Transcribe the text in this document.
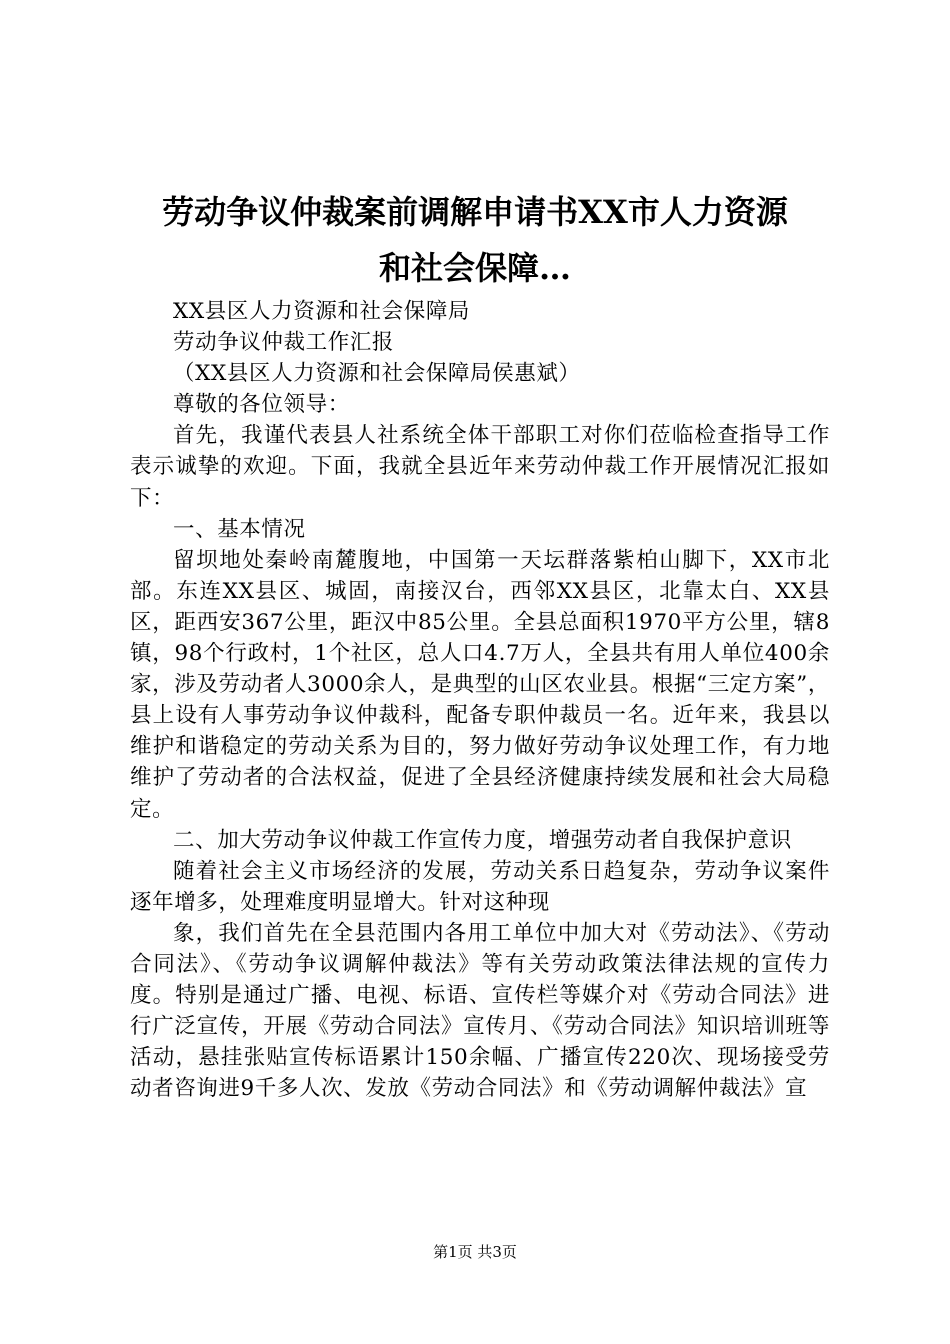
劳动争议仲裁案前调解申请书XX市人力资源
和社会保障…

XX县区人力资源和社会保障局

劳动争议仲裁工作汇报

（XX县区人力资源和社会保障局侯惠斌）

尊敬的各位领导：

首先，我谨代表县人社系统全体干部职工对你们莅临检查指导工作表示诚挚的欢迎。下面，我就全县近年来劳动仲裁工作开展情况汇报如下：

一、基本情况

留坝地处秦岭南麓腹地，中国第一天坛群落紫柏山脚下，XX市北部。东连XX县区、城固，南接汉台，西邻XX县区，北靠太白、XX县区，距西安367公里，距汉中85公里。全县总面积1970平方公里，辖8镇，98个行政村，1个社区，总人口4.7万人，全县共有用人单位400余家，涉及劳动者人3000余人，是典型的山区农业县。根据“三定方案”，县上设有人事劳动争议仲裁科，配备专职仲裁员一名。近年来，我县以维护和谐稳定的劳动关系为目的，努力做好劳动争议处理工作，有力地维护了劳动者的合法权益，促进了全县经济健康持续发展和社会大局稳定。

二、加大劳动争议仲裁工作宣传力度，增强劳动者自我保护意识

随着社会主义市场经济的发展，劳动关系日趋复杂，劳动争议案件逐年增多，处理难度明显增大。针对这种现

象，我们首先在全县范围内各用工单位中加大对《劳动法》、《劳动合同法》、《劳动争议调解仲裁法》等有关劳动政策法律法规的宣传力度。特别是通过广播、电视、标语、宣传栏等媒介对《劳动合同法》进行广泛宣传，开展《劳动合同法》宣传月、《劳动合同法》知识培训班等活动，悬挂张贴宣传标语累计150余幅、广播宣传220次、现场接受劳动者咨询进9千多人次、发放《劳动合同法》和《劳动调解仲裁法》宣

第1页 共3页
